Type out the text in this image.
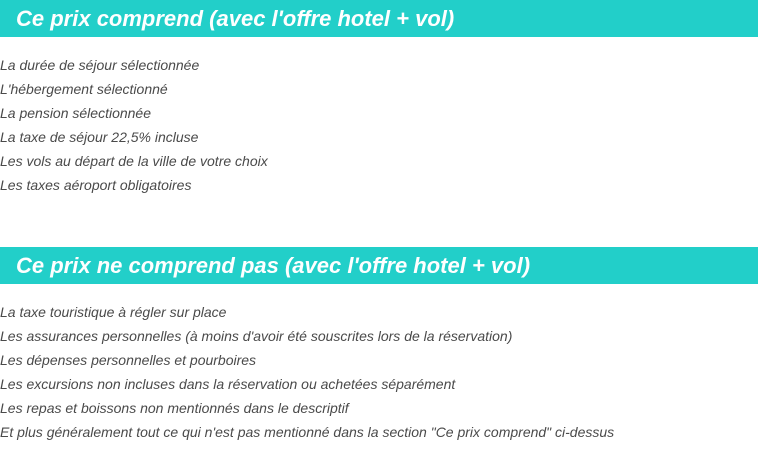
Ce prix comprend (avec l'offre hotel + vol)
La durée de séjour sélectionnée
L'hébergement sélectionné
La pension sélectionnée
La taxe de séjour 22,5% incluse
Les vols au départ de la ville de votre choix
Les taxes aéroport obligatoires
Ce prix ne comprend pas (avec l'offre hotel + vol)
La taxe touristique à régler sur place
Les assurances personnelles (à moins d'avoir été souscrites lors de la réservation)
Les dépenses personnelles et pourboires
Les excursions non incluses dans la réservation ou achetées séparément
Les repas et boissons non mentionnés dans le descriptif
Et plus généralement tout ce qui n'est pas mentionné dans la section "Ce prix comprend" ci-dessus
